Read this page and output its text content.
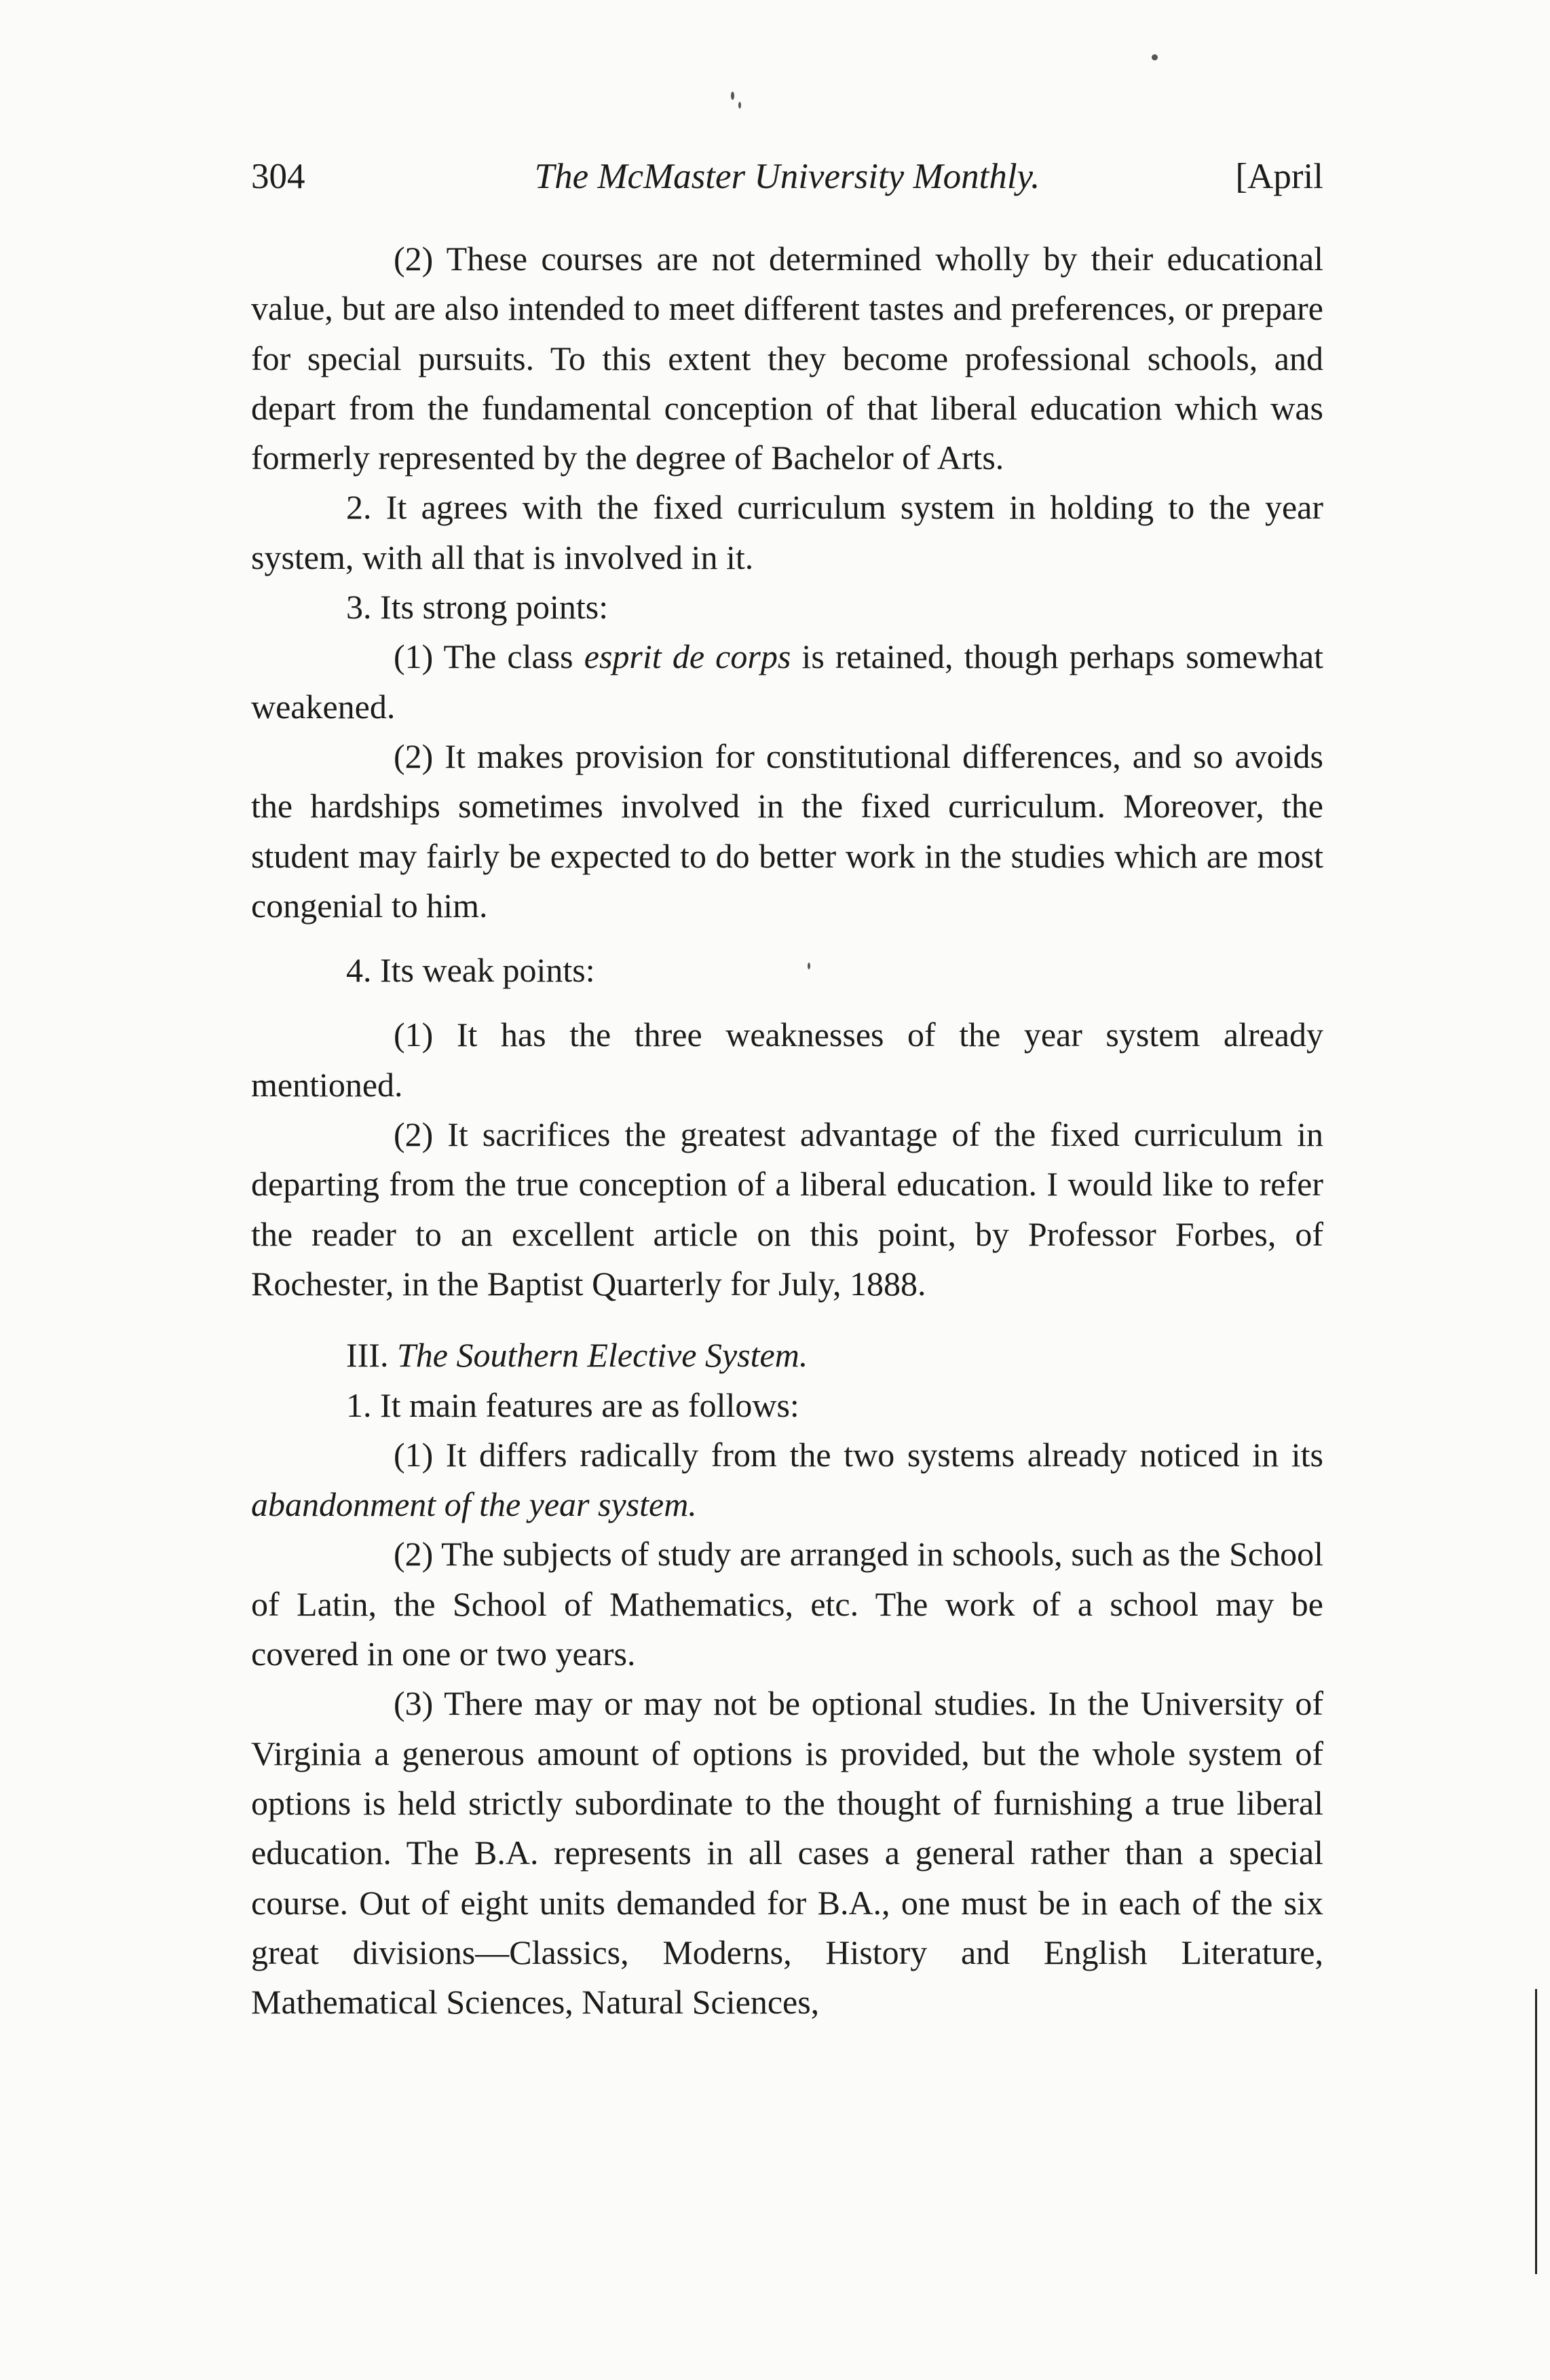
304	The McMaster University Monthly.	[April

(2) These courses are not determined wholly by their educational value, but are also intended to meet different tastes and preferences, or prepare for special pursuits. To this extent they become professional schools, and depart from the fundamental conception of that liberal education which was formerly represented by the degree of Bachelor of Arts.

2. It agrees with the fixed curriculum system in holding to the year system, with all that is involved in it.

3. Its strong points:

(1) The class esprit de corps is retained, though perhaps somewhat weakened.

(2) It makes provision for constitutional differences, and so avoids the hardships sometimes involved in the fixed curriculum. Moreover, the student may fairly be expected to do better work in the studies which are most congenial to him.

4. Its weak points:

(1) It has the three weaknesses of the year system already mentioned.

(2) It sacrifices the greatest advantage of the fixed curriculum in departing from the true conception of a liberal education. I would like to refer the reader to an excellent article on this point, by Professor Forbes, of Rochester, in the Baptist Quarterly for July, 1888.

III. The Southern Elective System.

1. It main features are as follows:

(1) It differs radically from the two systems already noticed in its abandonment of the year system.

(2) The subjects of study are arranged in schools, such as the School of Latin, the School of Mathematics, etc. The work of a school may be covered in one or two years.

(3) There may or may not be optional studies. In the University of Virginia a generous amount of options is provided, but the whole system of options is held strictly subordinate to the thought of furnishing a true liberal education. The B.A. represents in all cases a general rather than a special course. Out of eight units demanded for B.A., one must be in each of the six great divisions—Classics, Moderns, History and English Literature, Mathematical Sciences, Natural Sciences,
